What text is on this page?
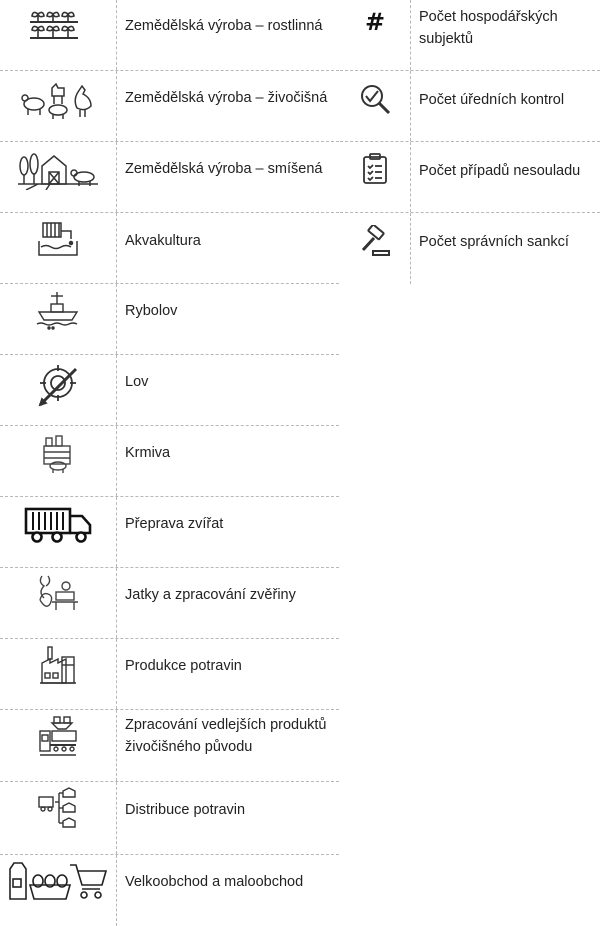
Zemědělská výroba – rostlinná
Zemědělská výroba – živočišná
Zemědělská výroba – smíšená
Akvakultura
Rybolov
Lov
Krmiva
Přeprava zvířat
Jatky a zpracování zvěřiny
Produkce potravin
Zpracování vedlejších produktů živočišného původu
Distribuce potravin
Velkoobchod a maloobchod
# Počet hospodářských subjektů
Počet úředních kontrol
Počet případů nesouladu
Počet správních sankcí
